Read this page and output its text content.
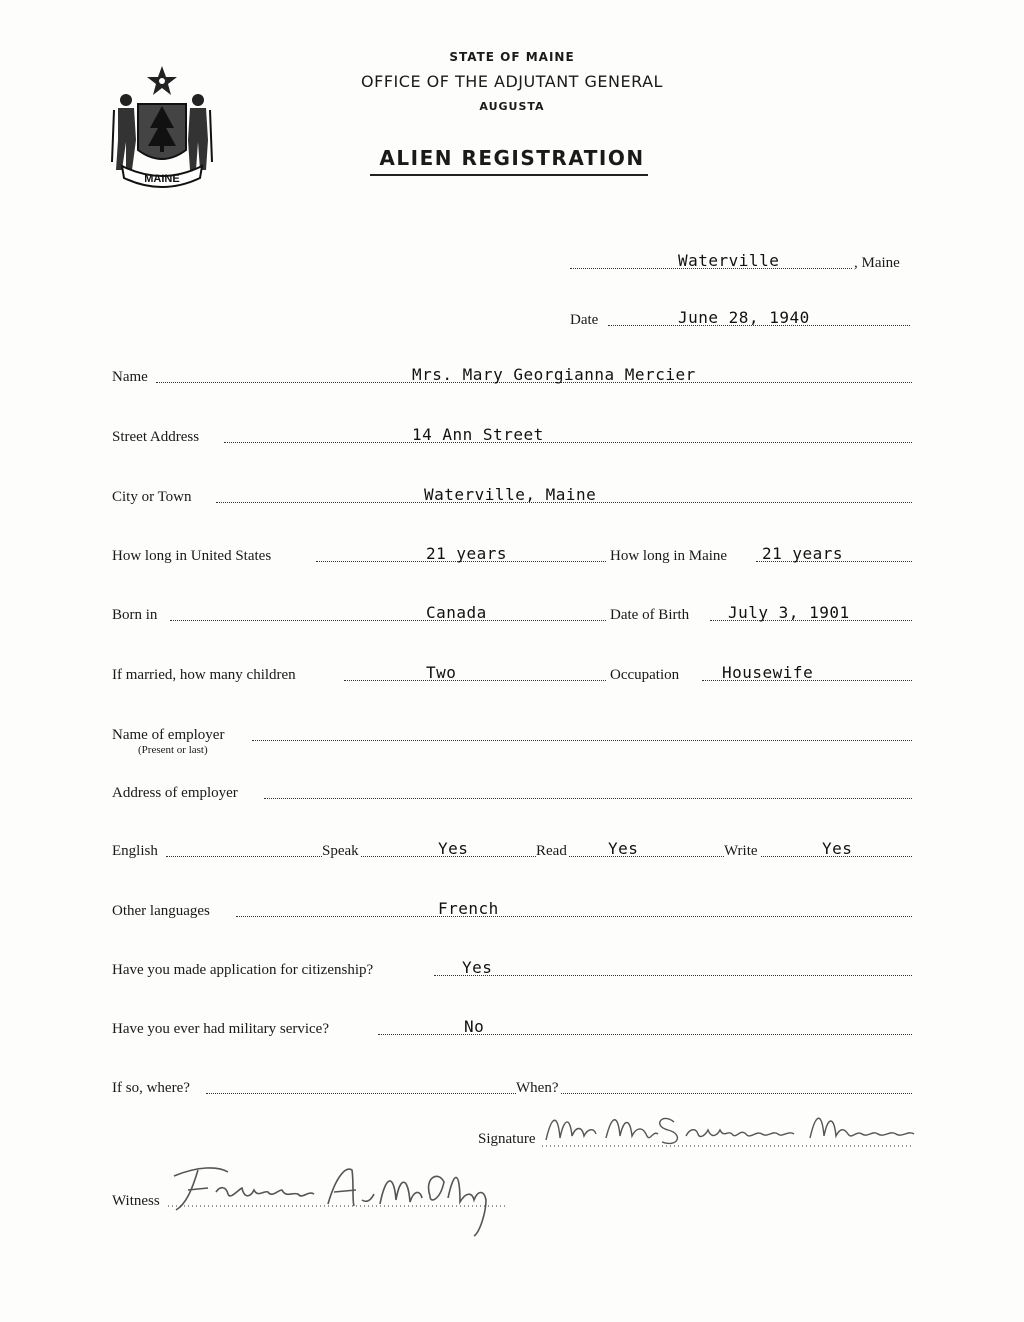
MAINE
STATE OF MAINE
OFFICE OF THE ADJUTANT GENERAL
AUGUSTA
ALIEN REGISTRATION
Waterville	, Maine
Date	June 28, 1940
Name	Mrs. Mary Georgianna Mercier
Street Address	14 Ann Street
City or Town	Waterville, Maine
How long in United States	21 years	How long in Maine 21 years
Born in	Canada	Date of Birth July 3, 1901
If married, how many children	Two	Occupation	Housewife
Name of employer
(Present or last)
Address of employer
English	Speak	Yes	Read	Yes	Write	Yes
Other languages	French
Have you made application for citizenship?	Yes
Have you ever had military service?	No
If so, where?	When?
Signature
Witness
